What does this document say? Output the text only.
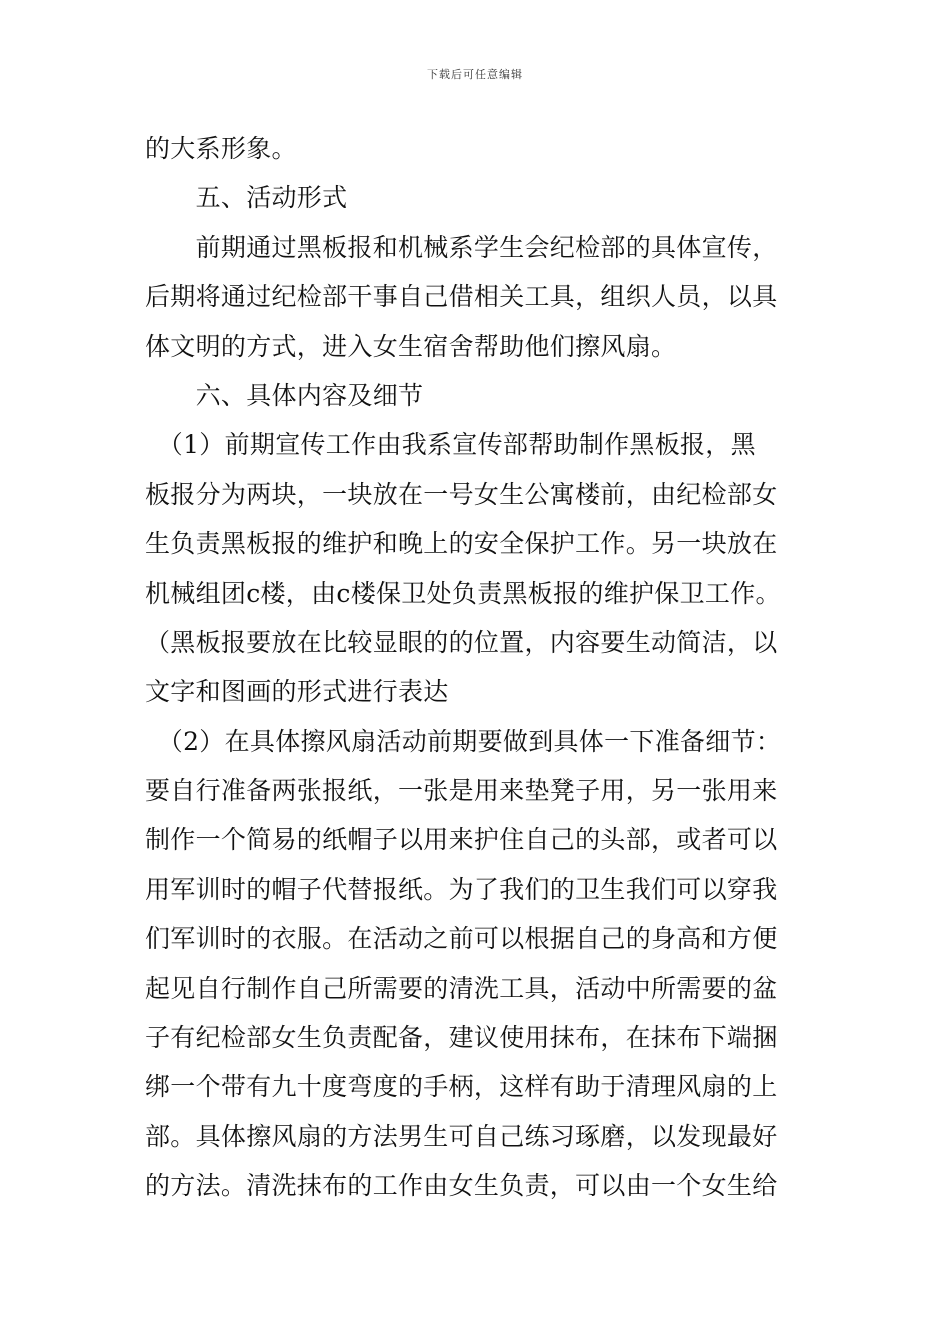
下载后可任意编辑
的大系形象。
　　五、活动形式
　　前期通过黑板报和机械系学生会纪检部的具体宣传，
后期将通过纪检部干事自己借相关工具，组织人员，以具
体文明的方式，进入女生宿舍帮助他们擦风扇。
　　六、具体内容及细节
　（1）前期宣传工作由我系宣传部帮助制作黑板报，黑
板报分为两块，一块放在一号女生公寓楼前，由纪检部女
生负责黑板报的维护和晚上的安全保护工作。另一块放在
机械组团c楼，由c楼保卫处负责黑板报的维护保卫工作。
（黑板报要放在比较显眼的的位置，内容要生动简洁，以
文字和图画的形式进行表达
　（2）在具体擦风扇活动前期要做到具体一下准备细节：
要自行准备两张报纸，一张是用来垫凳子用，另一张用来
制作一个简易的纸帽子以用来护住自己的头部，或者可以
用军训时的帽子代替报纸。为了我们的卫生我们可以穿我
们军训时的衣服。在活动之前可以根据自己的身高和方便
起见自行制作自己所需要的清洗工具，活动中所需要的盆
子有纪检部女生负责配备，建议使用抹布，在抹布下端捆
绑一个带有九十度弯度的手柄，这样有助于清理风扇的上
部。具体擦风扇的方法男生可自己练习琢磨，以发现最好
的方法。清洗抹布的工作由女生负责，可以由一个女生给
